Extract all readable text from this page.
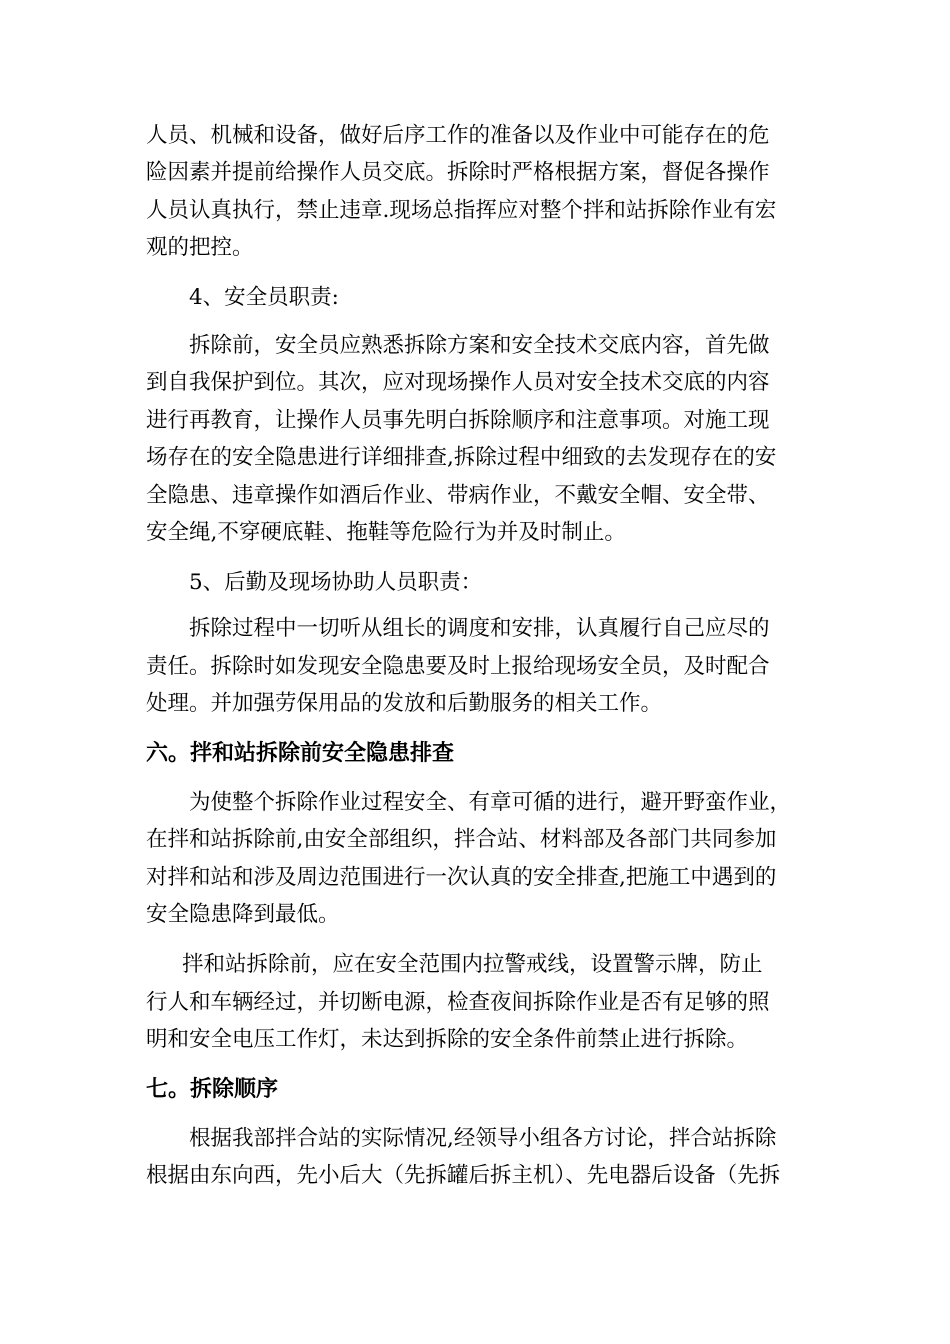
人员、机械和设备，做好后序工作的准备以及作业中可能存在的危
险因素并提前给操作人员交底。拆除时严格根据方案，督促各操作
人员认真执行，禁止违章.现场总指挥应对整个拌和站拆除作业有宏
观的把控。
4、安全员职责:
拆除前，安全员应熟悉拆除方案和安全技术交底内容，首先做
到自我保护到位。其次，应对现场操作人员对安全技术交底的内容
进行再教育，让操作人员事先明白拆除顺序和注意事项。对施工现
场存在的安全隐患进行详细排查,拆除过程中细致的去发现存在的安
全隐患、违章操作如酒后作业、带病作业，不戴安全帽、安全带、
安全绳,不穿硬底鞋、拖鞋等危险行为并及时制止。
5、后勤及现场协助人员职责：
拆除过程中一切听从组长的调度和安排，认真履行自己应尽的
责任。拆除时如发现安全隐患要及时上报给现场安全员，及时配合
处理。并加强劳保用品的发放和后勤服务的相关工作。
六。拌和站拆除前安全隐患排查
为使整个拆除作业过程安全、有章可循的进行，避开野蛮作业，
在拌和站拆除前,由安全部组织，拌合站、材料部及各部门共同参加
对拌和站和涉及周边范围进行一次认真的安全排查,把施工中遇到的
安全隐患降到最低。
拌和站拆除前，应在安全范围内拉警戒线，设置警示牌，防止
行人和车辆经过，并切断电源，检查夜间拆除作业是否有足够的照
明和安全电压工作灯，未达到拆除的安全条件前禁止进行拆除。
七。拆除顺序
根据我部拌合站的实际情况,经领导小组各方讨论，拌合站拆除
根据由东向西，先小后大（先拆罐后拆主机）、先电器后设备（先拆
